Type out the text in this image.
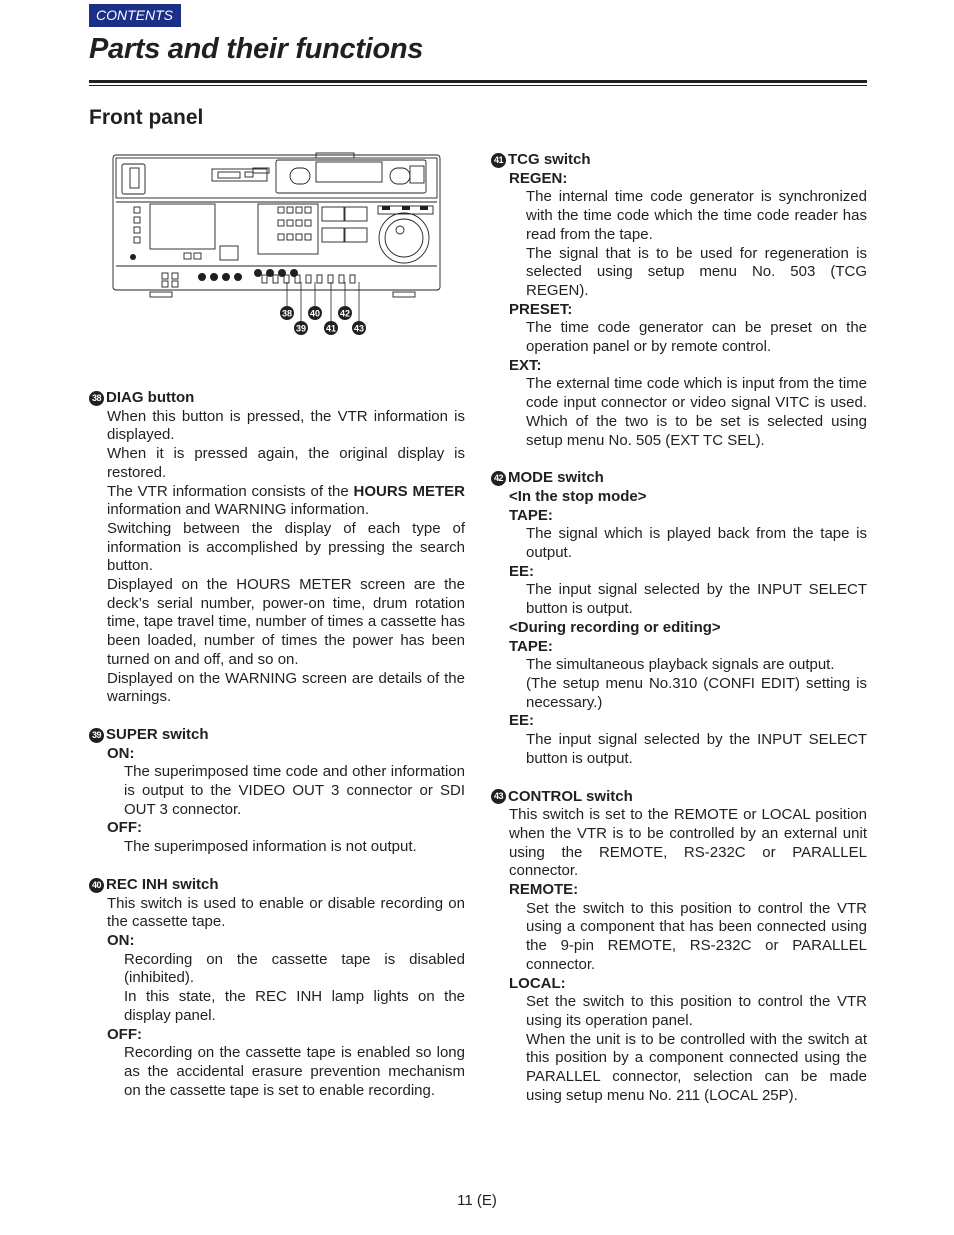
CONTENTS
Parts and their functions
Front panel
38 40 42
39 41 43
38 DIAG button

When this button is pressed, the VTR information is displayed.

When it is pressed again, the original display is restored.

The VTR information consists of the HOURS METER information and WARNING information.

Switching between the display of each type of information is accomplished by pressing the search button.

Displayed on the HOURS METER screen are the deck’s serial number, power-on time, drum rotation time, tape travel time, number of times a cassette has been loaded, number of times the power has been turned on and off, and so on.

Displayed on the WARNING screen are details of the warnings.

39 SUPER switch

ON:

The superimposed time code and other information is output to the VIDEO OUT 3 connector or SDI OUT 3 connector.

OFF:

The superimposed information is not output.

40 REC INH switch

This switch is used to enable or disable recording on the cassette tape.

ON:

Recording on the cassette tape is disabled (inhibited).

In this state, the REC INH lamp lights on the display panel.

OFF:

Recording on the cassette tape is enabled so long as the accidental erasure prevention mechanism on the cassette tape is set to enable recording.

41 TCG switch

REGEN:

The internal time code generator is synchronized with the time code which the time code reader has read from the tape.

The signal that is to be used for regeneration is selected using setup menu No. 503 (TCG REGEN).

PRESET:

The time code generator can be preset on the operation panel or by remote control.

EXT:

The external time code which is input from the time code input connector or video signal VITC is used. Which of the two is to be set is selected using setup menu No. 505 (EXT TC SEL).

42 MODE switch

<In the stop mode>

TAPE:

The signal which is played back from the tape is output.

EE:

The input signal selected by the INPUT SELECT button is output.

<During recording or editing>

TAPE:

The simultaneous playback signals are output.

(The setup menu No.310 (CONFI EDIT) setting is necessary.)

EE:

The input signal selected by the INPUT SELECT button is output.

43 CONTROL switch

This switch is set to the REMOTE or LOCAL position when the VTR is to be controlled by an external unit using the REMOTE, RS-232C or PARALLEL connector.

REMOTE:

Set the switch to this position to control the VTR using a component that has been connected using the 9-pin REMOTE, RS-232C or PARALLEL connector.

LOCAL:

Set the switch to this position to control the VTR using its operation panel.

When the unit is to be controlled with the switch at this position by a component connected using the PARALLEL connector, selection can be made using setup menu No. 211 (LOCAL 25P).

11 (E)
